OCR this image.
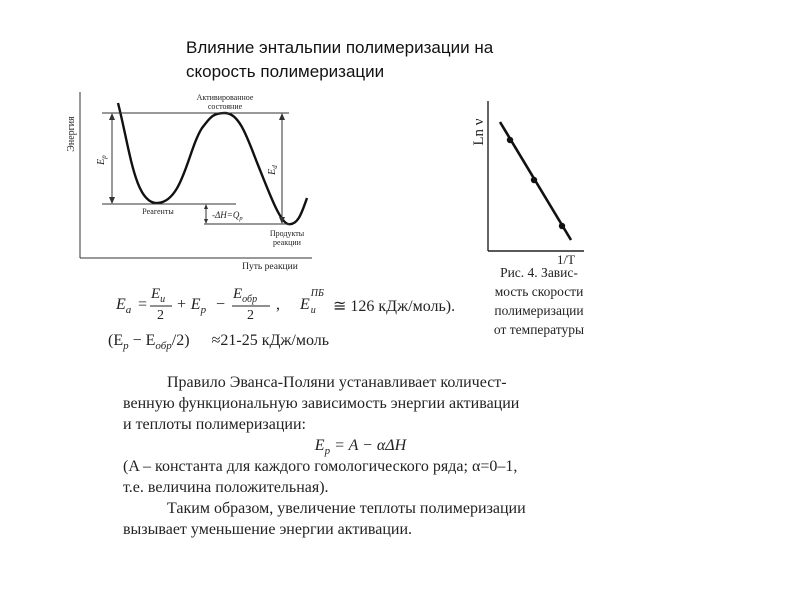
Влияние энтальпии полимеризации на
скорость полимеризации
Энергия
Путь реакции
$E_p$
$E_d$
$-\Delta H=Q_p$
Активированное
состояние
Реагенты
Продукты
реакции
Ln ν
1/T
Рис. 4. Завис-
мость скорости
полимеризации
от температуры
$E_a$ =
$E_и$
2
+ $E_p$ −
$E_{обр}$
2
, E
ПБ
$_и$ ≅ 126 кДж/моль).
$(E_p - E_{обр}/2) \approx 21-25$ кДж/моль
Правило Эванса-Поляни устанавливает количест-
венную функциональную зависимость энергии активации
и теплоты полимеризации:
$E_p = A - \alpha\Delta H$
(A – константа для каждого гомологического ряда; α=0–1,
т.е. величина положительная).
Таким образом, увеличение теплоты полимеризации
вызывает уменьшение энергии активации.
